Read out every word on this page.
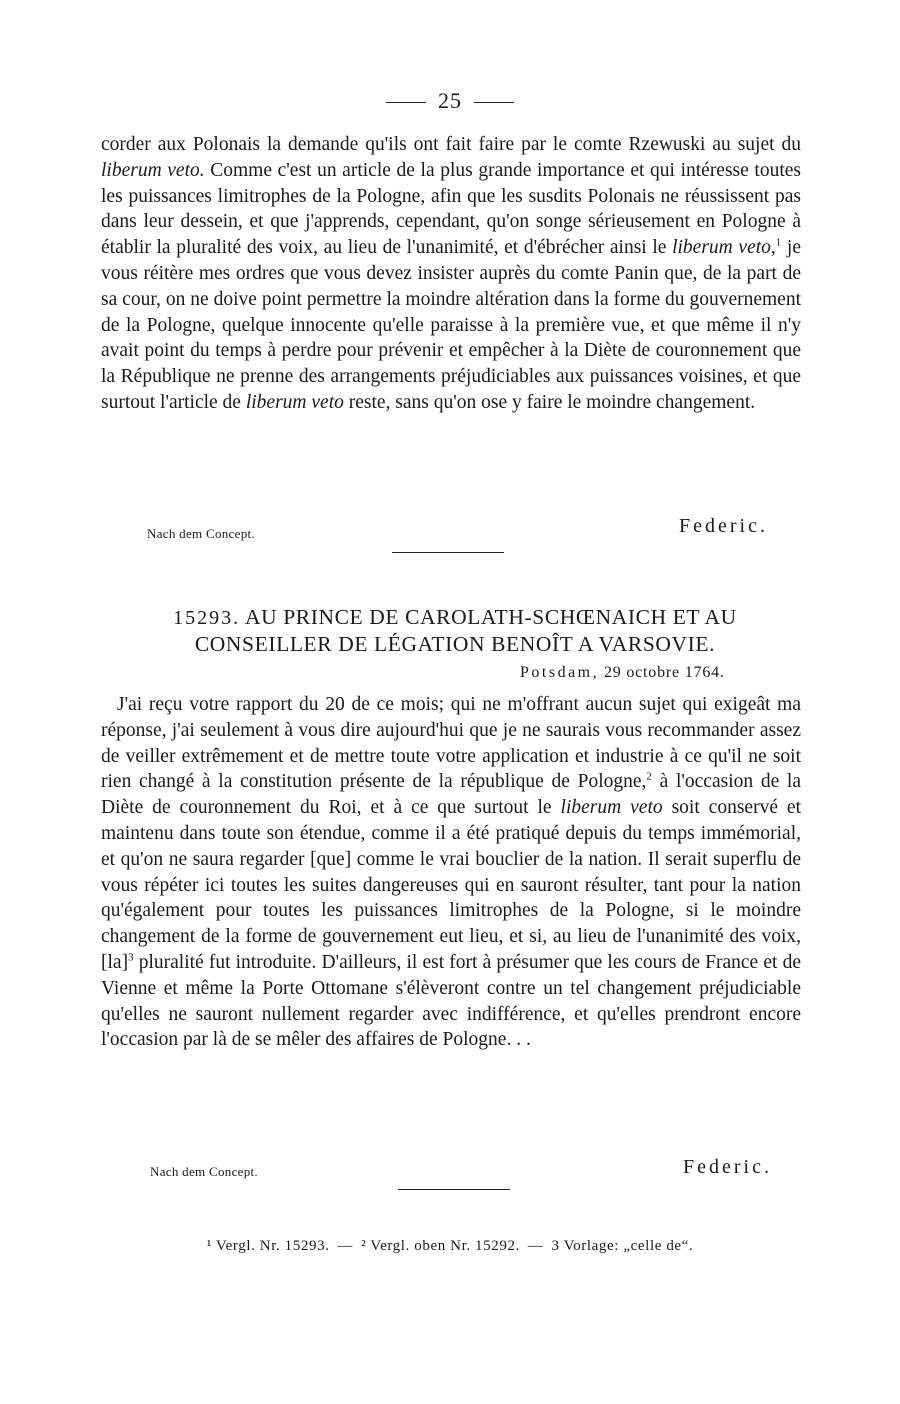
25

corder aux Polonais la demande qu'ils ont fait faire par le comte Rzewuski au sujet du liberum veto. Comme c'est un article de la plus grande importance et qui intéresse toutes les puissances limitrophes de la Pologne, afin que les susdits Polonais ne réussissent pas dans leur dessein, et que j'apprends, cependant, qu'on songe sérieusement en Pologne à établir la pluralité des voix, au lieu de l'unanimité, et d'ébrécher ainsi le liberum veto,$^1$ je vous réitère mes ordres que vous devez insister auprès du comte Panin que, de la part de sa cour, on ne doive point permettre la moindre altération dans la forme du gouvernement de la Pologne, quelque innocente qu'elle paraisse à la première vue, et que même il n'y avait point du temps à perdre pour prévenir et empêcher à la Diète de couronnement que la République ne prenne des arrangements préjudiciables aux puissances voisines, et que surtout l'article de liberum veto reste, sans qu'on ose y faire le moindre changement.

Nach dem Concept.	Federic.
15293. AU PRINCE DE CAROLATH-SCHŒNAICH ET AU
CONSEILLER DE LÉGATION BENOÎT A VARSOVIE.
Potsdam, 29 octobre 1764.

J'ai reçu votre rapport du 20 de ce mois; qui ne m'offrant aucun sujet qui exigeât ma réponse, j'ai seulement à vous dire aujourd'hui que je ne saurais vous recommander assez de veiller extrêmement et de mettre toute votre application et industrie à ce qu'il ne soit rien changé à la constitution présente de la république de Pologne,$^2$ à l'occasion de la Diète de couronnement du Roi, et à ce que surtout le liberum veto soit conservé et maintenu dans toute son étendue, comme il a été pratiqué depuis du temps immémorial, et qu'on ne saura regarder [que] comme le vrai bouclier de la nation. Il serait superflu de vous répéter ici toutes les suites dangereuses qui en sauront résulter, tant pour la nation qu'également pour toutes les puissances limitrophes de la Pologne, si le moindre changement de la forme de gouvernement eut lieu, et si, au lieu de l'unanimité des voix, [la]$^3$ pluralité fut introduite. D'ailleurs, il est fort à présumer que les cours de France et de Vienne et même la Porte Ottomane s'élèveront contre un tel changement préjudiciable qu'elles ne sauront nullement regarder avec indifférence, et qu'elles prendront encore l'occasion par là de se mêler des affaires de Pologne. . .

Nach dem Concept.	Federic.
¹ Vergl. Nr. 15293. — ² Vergl. oben Nr. 15292. — 3 Vorlage: „celle de“.
